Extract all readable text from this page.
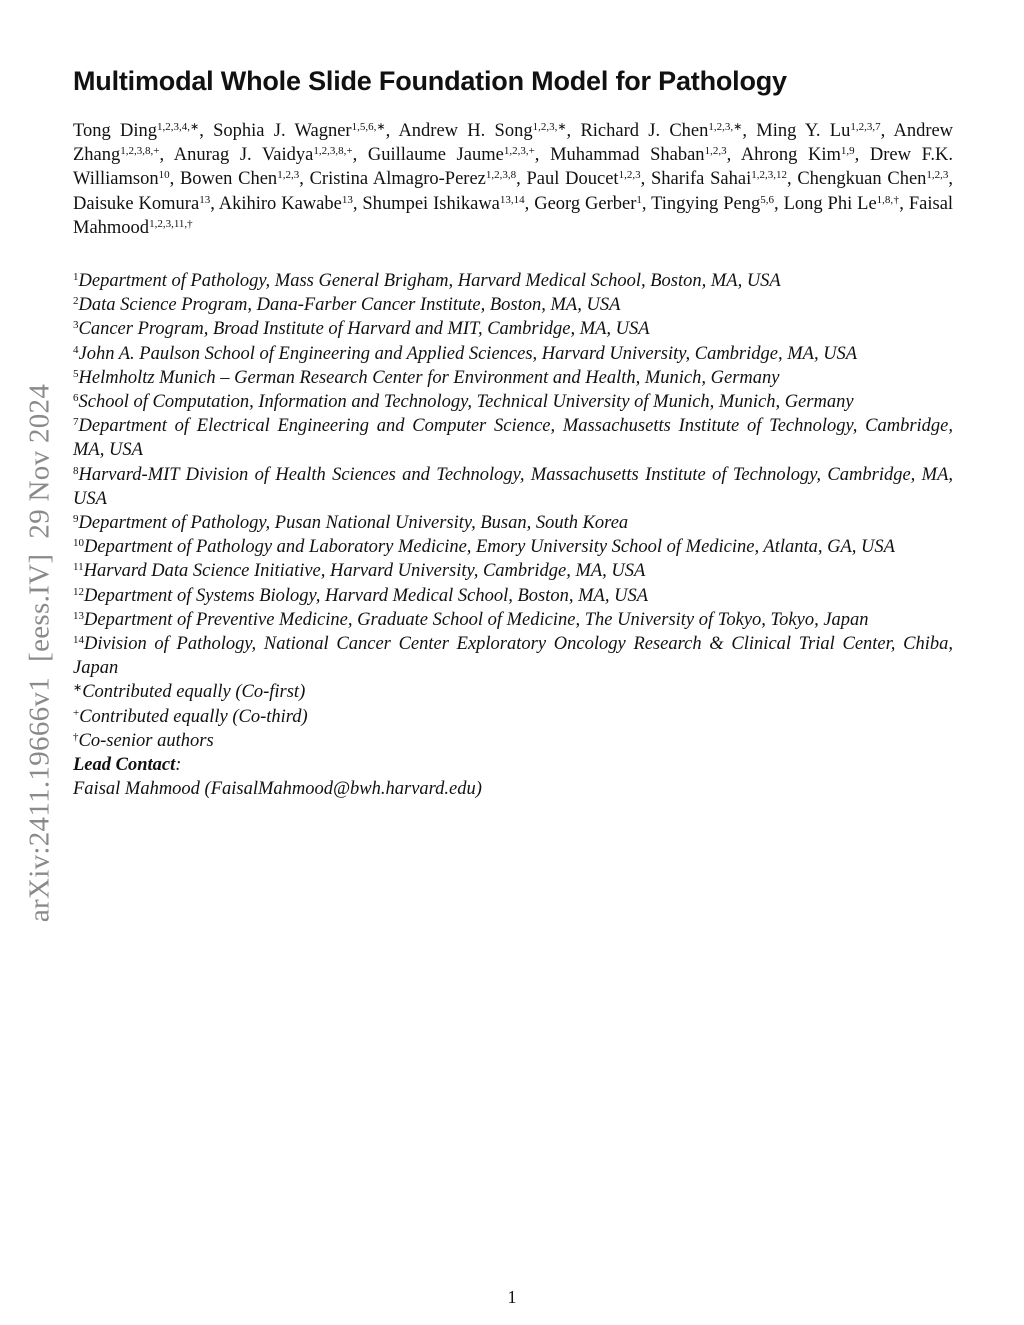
Multimodal Whole Slide Foundation Model for Pathology
Tong Ding$^{1,2,3,4,∗}$, Sophia J. Wagner$^{1,5,6,∗}$, Andrew H. Song$^{1,2,3,∗}$, Richard J. Chen$^{1,2,3,∗}$, Ming Y. Lu$^{1,2,3,7}$, Andrew Zhang$^{1,2,3,8,+}$, Anurag J. Vaidya$^{1,2,3,8,+}$, Guillaume Jaume$^{1,2,3,+}$, Muhammad Shaban$^{1,2,3}$, Ahrong Kim$^{1,9}$, Drew F.K. Williamson$^{10}$, Bowen Chen$^{1,2,3}$, Cristina Almagro-Perez$^{1,2,3,8}$, Paul Doucet$^{1,2,3}$, Sharifa Sahai$^{1,2,3,12}$, Chengkuan Chen$^{1,2,3}$, Daisuke Komura$^{13}$, Akihiro Kawabe$^{13}$, Shumpei Ishikawa$^{13,14}$, Georg Gerber$^1$, Tingying Peng$^{5,6}$, Long Phi $Le^{1,8,\dagger}$, Faisal Mahmood$^{1,2,3,11,\dagger}$
$^1$Department of Pathology, Mass General Brigham, Harvard Medical School, Boston, MA, USA
$^2$Data Science Program, Dana-Farber Cancer Institute, Boston, MA, USA
$^3$Cancer Program, Broad Institute of Harvard and MIT, Cambridge, MA, USA
$^4$John A. Paulson School of Engineering and Applied Sciences, Harvard University, Cambridge, MA, USA
$^5$Helmholtz Munich – German Research Center for Environment and Health, Munich, Germany
$^6$School of Computation, Information and Technology, Technical University of Munich, Munich, Germany
$^7$Department of Electrical Engineering and Computer Science, Massachusetts Institute of Technology, Cambridge, MA, USA
$^8$Harvard-MIT Division of Health Sciences and Technology, Massachusetts Institute of Technology, Cambridge, MA, USA
$^9$Department of Pathology, Pusan National University, Busan, South Korea
$^{10}$Department of Pathology and Laboratory Medicine, Emory University School of Medicine, Atlanta, GA, USA
$^{11}$Harvard Data Science Initiative, Harvard University, Cambridge, MA, USA
$^{12}$Department of Systems Biology, Harvard Medical School, Boston, MA, USA
$^{13}$Department of Preventive Medicine, Graduate School of Medicine, The University of Tokyo, Tokyo, Japan
$^{14}$Division of Pathology, National Cancer Center Exploratory Oncology Research & Clinical Trial Center, Chiba, Japan
∗Contributed equally (Co-first)
+Contributed equally (Co-third)
†Co-senior authors
Lead Contact:
Faisal Mahmood (FaisalMahmood@bwh.harvard.edu)
arXiv:2411.19666v1  [eess.IV]  29 Nov 2024
1
